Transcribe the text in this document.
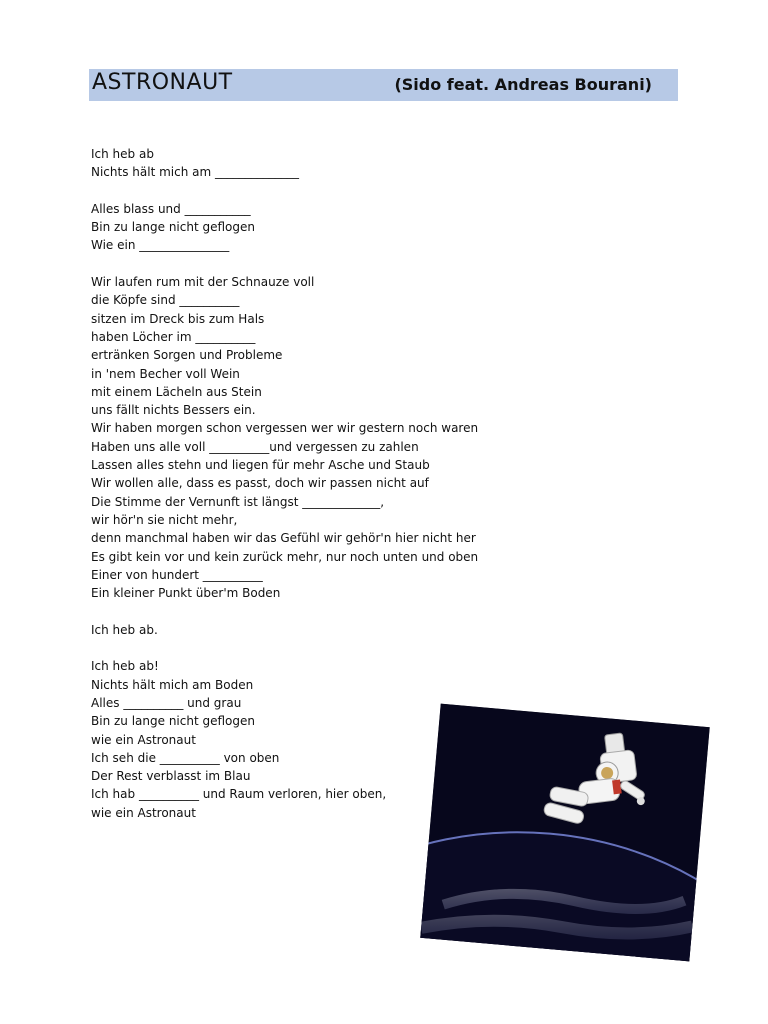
ASTRONAUT	(Sido feat. Andreas Bourani)
Ich heb ab
Nichts hält mich am ______________
Alles blass und ___________
Bin zu lange nicht geflogen
Wie ein _______________
Wir laufen rum mit der Schnauze voll
die Köpfe sind __________
sitzen im Dreck bis zum Hals
haben Löcher im __________
ertränken Sorgen und Probleme
in 'nem Becher voll Wein
mit einem Lächeln aus Stein
uns fällt nichts Bessers ein.
Wir haben morgen schon vergessen wer wir gestern noch waren
Haben uns alle voll __________und vergessen zu zahlen
Lassen alles stehn und liegen für mehr Asche und Staub
Wir wollen alle, dass es passt, doch wir passen nicht auf
Die Stimme der Vernunft ist längst _____________,
wir hör'n sie nicht mehr,
denn manchmal haben wir das Gefühl wir gehör'n hier nicht her
Es gibt kein vor und kein zurück mehr, nur noch unten und oben
Einer von hundert __________
Ein kleiner Punkt über'm Boden
Ich heb ab.
Ich heb ab!
Nichts hält mich am Boden
Alles __________ und grau
Bin zu lange nicht geflogen
wie ein Astronaut
Ich seh die __________ von oben
Der Rest verblasst im Blau
Ich hab __________ und Raum verloren, hier oben,
wie ein Astronaut
